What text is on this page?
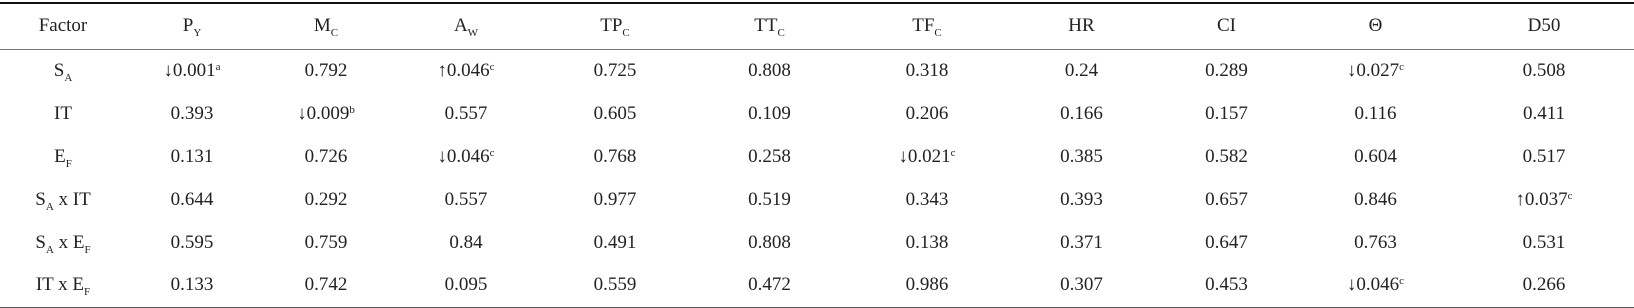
Factor	$P_Y$	$M_C$	$A_W$	$TP_C$	$TT_C$	$TF_C$	HR	CI	Θ	D50
$S_A$	↓0.001$^a$	0.792	↑0.046$^c$	0.725	0.808	0.318	0.24	0.289	↓0.027$^c$	0.508
IT	0.393	↓0.009$^b$	0.557	0.605	0.109	0.206	0.166	0.157	0.116	0.411
$E_F$	0.131	0.726	↓0.046$^c$	0.768	0.258	↓0.021$^c$	0.385	0.582	0.604	0.517
$S_A$ x IT	0.644	0.292	0.557	0.977	0.519	0.343	0.393	0.657	0.846	↑0.037$^c$
$S_A$ x $E_F$	0.595	0.759	0.84	0.491	0.808	0.138	0.371	0.647	0.763	0.531
IT x $E_F$	0.133	0.742	0.095	0.559	0.472	0.986	0.307	0.453	↓0.046$^c$	0.266
